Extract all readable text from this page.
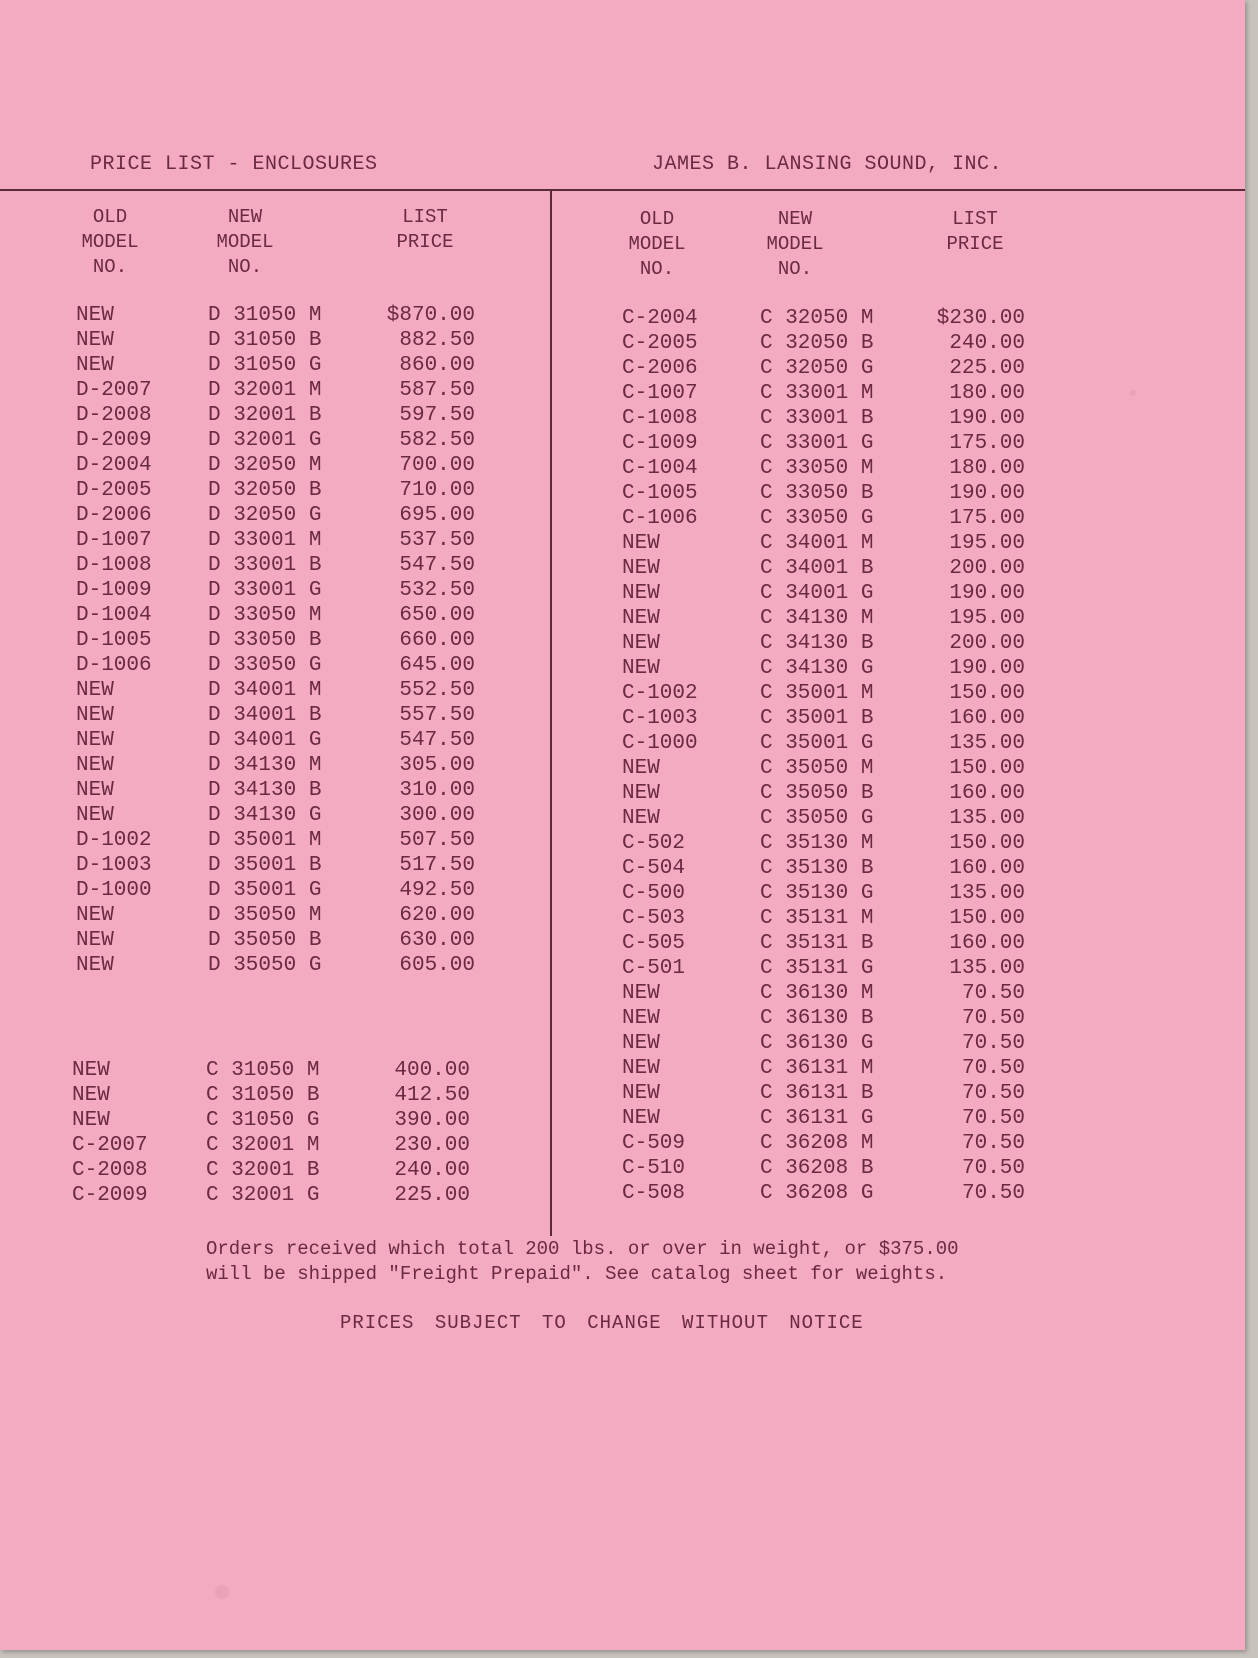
PRICE LIST - ENCLOSURES	JAMES B. LANSING SOUND, INC.
OLD
MODEL
NO.
NEW
MODEL
NO.
LIST
PRICE
OLD
MODEL
NO.
NEW
MODEL
NO.
LIST
PRICE
NEW	D 31050 M	$870.00
NEW	D 31050 B	882.50
NEW	D 31050 G	860.00
D-2007	D 32001 M	587.50
D-2008	D 32001 B	597.50
D-2009	D 32001 G	582.50
D-2004	D 32050 M	700.00
D-2005	D 32050 B	710.00
D-2006	D 32050 G	695.00
D-1007	D 33001 M	537.50
D-1008	D 33001 B	547.50
D-1009	D 33001 G	532.50
D-1004	D 33050 M	650.00
D-1005	D 33050 B	660.00
D-1006	D 33050 G	645.00
NEW	D 34001 M	552.50
NEW	D 34001 B	557.50
NEW	D 34001 G	547.50
NEW	D 34130 M	305.00
NEW	D 34130 B	310.00
NEW	D 34130 G	300.00
D-1002	D 35001 M	507.50
D-1003	D 35001 B	517.50
D-1000	D 35001 G	492.50
NEW	D 35050 M	620.00
NEW	D 35050 B	630.00
NEW	D 35050 G	605.00
NEW	C 31050 M	400.00
NEW	C 31050 B	412.50
NEW	C 31050 G	390.00
C-2007	C 32001 M	230.00
C-2008	C 32001 B	240.00
C-2009	C 32001 G	225.00
C-2004	C 32050 M	$230.00
C-2005	C 32050 B	240.00
C-2006	C 32050 G	225.00
C-1007	C 33001 M	180.00
C-1008	C 33001 B	190.00
C-1009	C 33001 G	175.00
C-1004	C 33050 M	180.00
C-1005	C 33050 B	190.00
C-1006	C 33050 G	175.00
NEW	C 34001 M	195.00
NEW	C 34001 B	200.00
NEW	C 34001 G	190.00
NEW	C 34130 M	195.00
NEW	C 34130 B	200.00
NEW	C 34130 G	190.00
C-1002	C 35001 M	150.00
C-1003	C 35001 B	160.00
C-1000	C 35001 G	135.00
NEW	C 35050 M	150.00
NEW	C 35050 B	160.00
NEW	C 35050 G	135.00
C-502	C 35130 M	150.00
C-504	C 35130 B	160.00
C-500	C 35130 G	135.00
C-503	C 35131 M	150.00
C-505	C 35131 B	160.00
C-501	C 35131 G	135.00
NEW	C 36130 M	70.50
NEW	C 36130 B	70.50
NEW	C 36130 G	70.50
NEW	C 36131 M	70.50
NEW	C 36131 B	70.50
NEW	C 36131 G	70.50
C-509	C 36208 M	70.50
C-510	C 36208 B	70.50
C-508	C 36208 G	70.50
Orders received which total 200 lbs. or over in weight, or $375.00
will be shipped "Freight Prepaid". See catalog sheet for weights.
PRICES SUBJECT TO CHANGE WITHOUT NOTICE
